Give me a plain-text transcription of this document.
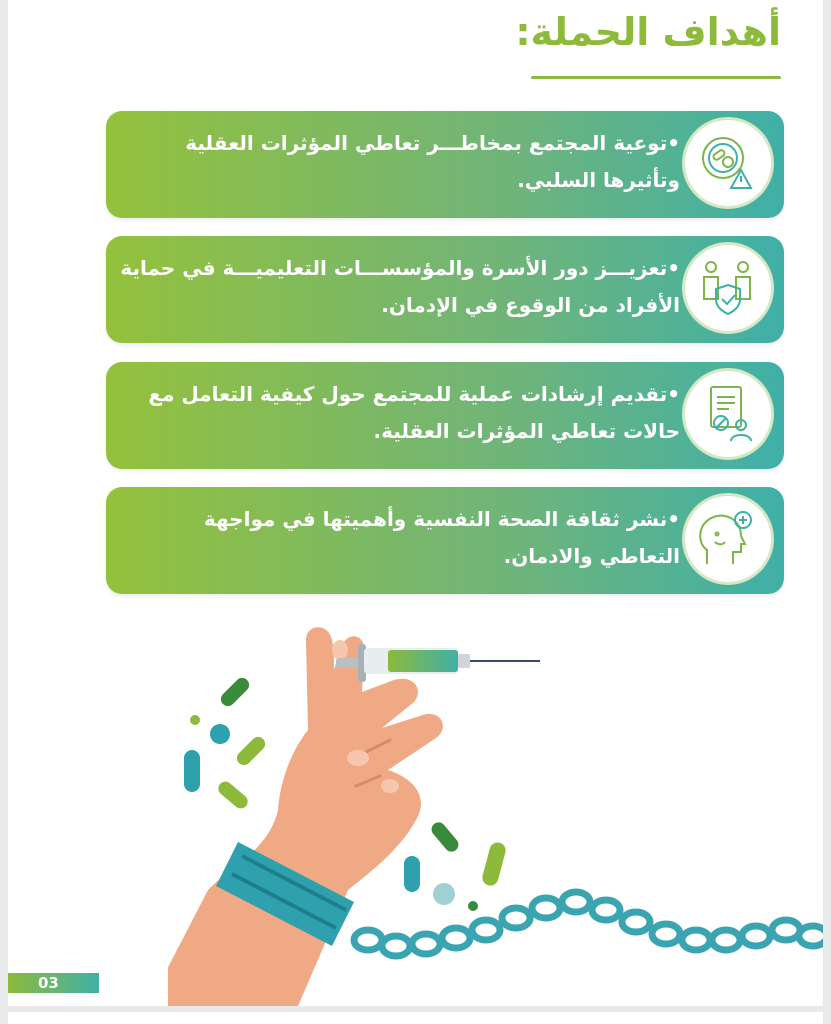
أهداف الحملة:
•توعية المجتمع بمخاطـــر تعاطي المؤثرات العقلية وتأثيرها السلبي.
•تعزيـــز دور الأسرة والمؤسســـات التعليميـــة في حماية الأفراد من الوقوع في الإدمان.
•تقديم إرشادات عملية للمجتمع حول كيفية التعامل مع حالات تعاطي المؤثرات العقلية.
•نشر ثقافة الصحة النفسية وأهميتها في مواجهة التعاطي والادمان.
03
